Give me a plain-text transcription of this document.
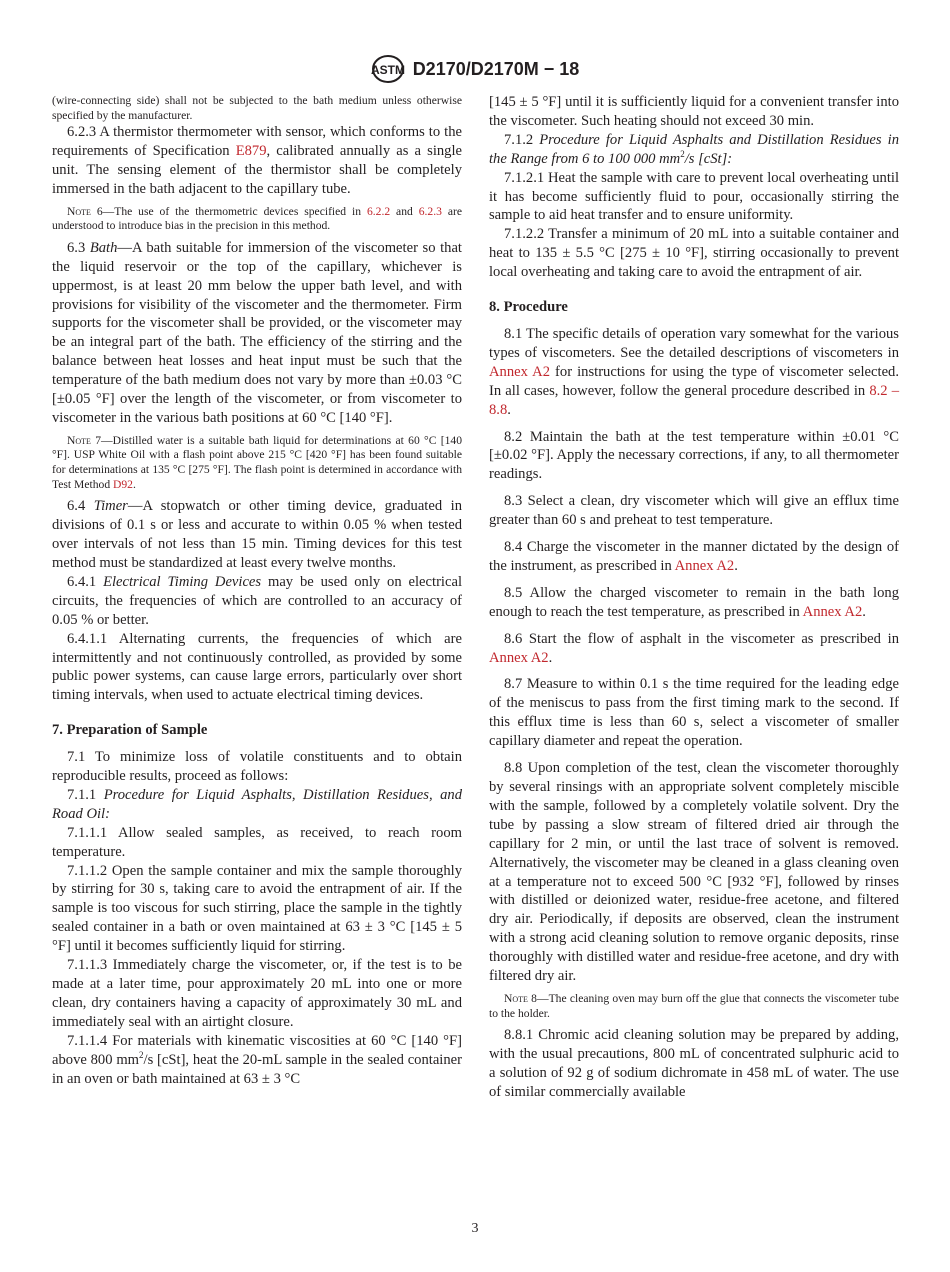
ASTM D2170/D2170M − 18
(wire-connecting side) shall not be subjected to the bath medium unless otherwise specified by the manufacturer.
6.2.3 A thermistor thermometer with sensor, which conforms to the requirements of Specification E879, calibrated annually as a single unit. The sensing element of the thermistor shall be completely immersed in the bath adjacent to the capillary tube.
Note 6—The use of the thermometric devices specified in 6.2.2 and 6.2.3 are understood to introduce bias in the precision in this method.
6.3 Bath—A bath suitable for immersion of the viscometer so that the liquid reservoir or the top of the capillary, whichever is uppermost, is at least 20 mm below the upper bath level, and with provisions for visibility of the viscometer and the thermometer. Firm supports for the viscometer shall be provided, or the viscometer may be an integral part of the bath. The efficiency of the stirring and the balance between heat losses and heat input must be such that the temperature of the bath medium does not vary by more than ±0.03 °C [±0.05 °F] over the length of the viscometer, or from viscometer to viscometer in the various bath positions at 60 °C [140 °F].
Note 7—Distilled water is a suitable bath liquid for determinations at 60 °C [140 °F]. USP White Oil with a flash point above 215 °C [420 °F] has been found suitable for determinations at 135 °C [275 °F]. The flash point is determined in accordance with Test Method D92.
6.4 Timer—A stopwatch or other timing device, graduated in divisions of 0.1 s or less and accurate to within 0.05 % when tested over intervals of not less than 15 min. Timing devices for this test method must be standardized at least every twelve months.
6.4.1 Electrical Timing Devices may be used only on electrical circuits, the frequencies of which are controlled to an accuracy of 0.05 % or better.
6.4.1.1 Alternating currents, the frequencies of which are intermittently and not continuously controlled, as provided by some public power systems, can cause large errors, particularly over short timing intervals, when used to actuate electrical timing devices.
7. Preparation of Sample
7.1 To minimize loss of volatile constituents and to obtain reproducible results, proceed as follows:
7.1.1 Procedure for Liquid Asphalts, Distillation Residues, and Road Oil:
7.1.1.1 Allow sealed samples, as received, to reach room temperature.
7.1.1.2 Open the sample container and mix the sample thoroughly by stirring for 30 s, taking care to avoid the entrapment of air. If the sample is too viscous for such stirring, place the sample in the tightly sealed container in a bath or oven maintained at 63 ± 3 °C [145 ± 5 °F] until it becomes sufficiently liquid for stirring.
7.1.1.3 Immediately charge the viscometer, or, if the test is to be made at a later time, pour approximately 20 mL into one or more clean, dry containers having a capacity of approximately 30 mL and immediately seal with an airtight closure.
7.1.1.4 For materials with kinematic viscosities at 60 °C [140 °F] above 800 $mm^2/s$ [cSt], heat the 20-mL sample in the sealed container in an oven or bath maintained at 63 ± 3 °C
[145 ± 5 °F] until it is sufficiently liquid for a convenient transfer into the viscometer. Such heating should not exceed 30 min.
7.1.2 Procedure for Liquid Asphalts and Distillation Residues in the Range from 6 to 100 000 $mm^2/s$ [cSt]:
7.1.2.1 Heat the sample with care to prevent local overheating until it has become sufficiently fluid to pour, occasionally stirring the sample to aid heat transfer and to ensure uniformity.
7.1.2.2 Transfer a minimum of 20 mL into a suitable container and heat to 135 ± 5.5 °C [275 ± 10 °F], stirring occasionally to prevent local overheating and taking care to avoid the entrapment of air.
8. Procedure
8.1 The specific details of operation vary somewhat for the various types of viscometers. See the detailed descriptions of viscometers in Annex A2 for instructions for using the type of viscometer selected. In all cases, however, follow the general procedure described in 8.2 – 8.8.
8.2 Maintain the bath at the test temperature within ±0.01 °C [±0.02 °F]. Apply the necessary corrections, if any, to all thermometer readings.
8.3 Select a clean, dry viscometer which will give an efflux time greater than 60 s and preheat to test temperature.
8.4 Charge the viscometer in the manner dictated by the design of the instrument, as prescribed in Annex A2.
8.5 Allow the charged viscometer to remain in the bath long enough to reach the test temperature, as prescribed in Annex A2.
8.6 Start the flow of asphalt in the viscometer as prescribed in Annex A2.
8.7 Measure to within 0.1 s the time required for the leading edge of the meniscus to pass from the first timing mark to the second. If this efflux time is less than 60 s, select a viscometer of smaller capillary diameter and repeat the operation.
8.8 Upon completion of the test, clean the viscometer thoroughly by several rinsings with an appropriate solvent completely miscible with the sample, followed by a completely volatile solvent. Dry the tube by passing a slow stream of filtered dried air through the capillary for 2 min, or until the last trace of solvent is removed. Alternatively, the viscometer may be cleaned in a glass cleaning oven at a temperature not to exceed 500 °C [932 °F], followed by rinses with distilled or deionized water, residue-free acetone, and filtered dry air. Periodically, if deposits are observed, clean the instrument with a strong acid cleaning solution to remove organic deposits, rinse thoroughly with distilled water and residue-free acetone, and dry with filtered dry air.
Note 8—The cleaning oven may burn off the glue that connects the viscometer tube to the holder.
8.8.1 Chromic acid cleaning solution may be prepared by adding, with the usual precautions, 800 mL of concentrated sulphuric acid to a solution of 92 g of sodium dichromate in 458 mL of water. The use of similar commercially available
3
